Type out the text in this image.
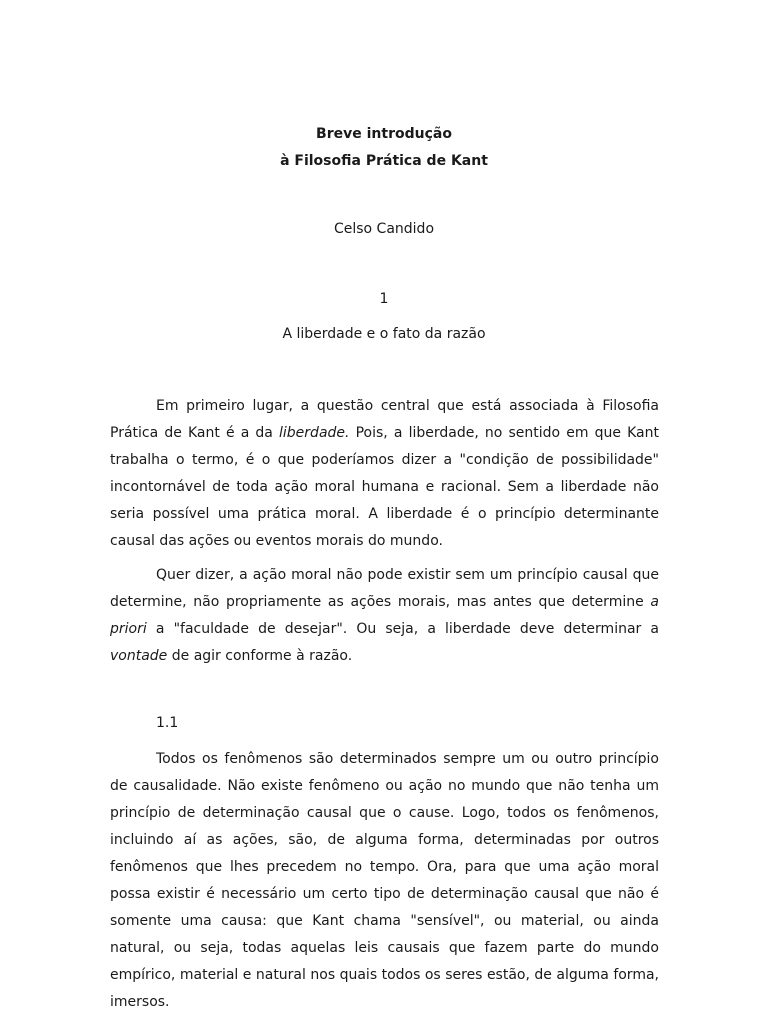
Breve introdução
à Filosofia Prática de Kant
Celso Candido
1
A liberdade e o fato da razão

Em primeiro lugar, a questão central que está associada à Filosofia Prática de Kant é a da liberdade. Pois, a liberdade, no sentido em que Kant trabalha o termo, é o que poderíamos dizer a "condição de possibilidade" incontornável de toda ação moral humana e racional. Sem a liberdade não seria possível uma prática moral. A liberdade é o princípio determinante causal das ações ou eventos morais do mundo.

Quer dizer, a ação moral não pode existir sem um princípio causal que determine, não propriamente as ações morais, mas antes que determine a priori a "faculdade de desejar". Ou seja, a liberdade deve determinar a vontade de agir conforme à razão.

1.1

Todos os fenômenos são determinados sempre um ou outro princípio de causalidade. Não existe fenômeno ou ação no mundo que não tenha um princípio de determinação causal que o cause. Logo, todos os fenômenos, incluindo aí as ações, são, de alguma forma, determinadas por outros fenômenos que lhes precedem no tempo. Ora, para que uma ação moral possa existir é necessário um certo tipo de determinação causal que não é somente uma causa: que Kant chama "sensível", ou material, ou ainda natural, ou seja, todas aquelas leis causais que fazem parte do mundo empírico, material e natural nos quais todos os seres estão, de alguma forma, imersos.
